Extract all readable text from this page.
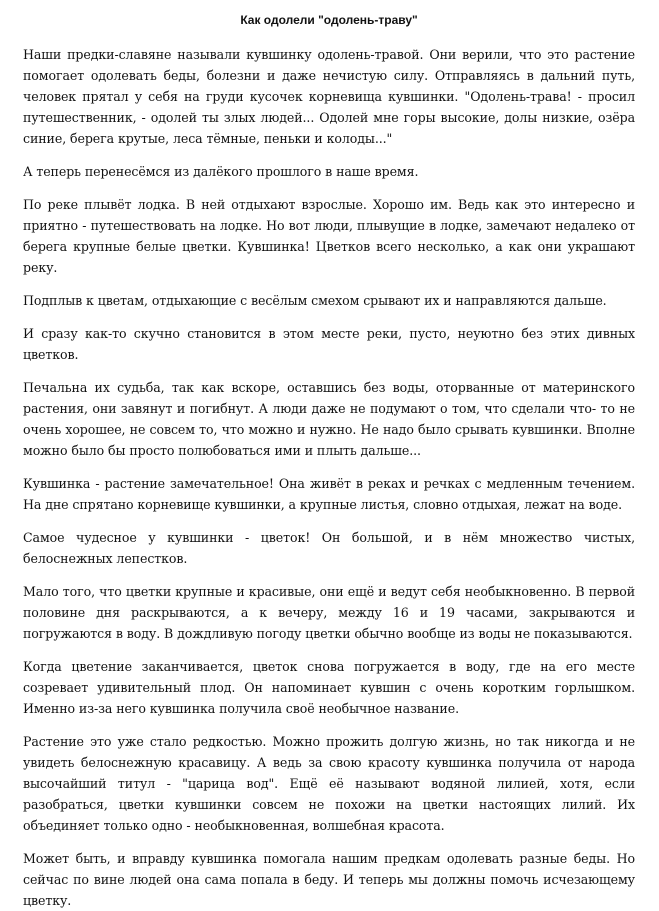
Как одолели "одолень-траву"

Наши предки-славяне называли кувшинку одолень-травой. Они верили, что это растение помогает одолевать беды, болезни и даже нечистую силу. Отправляясь в дальний путь, человек прятал у себя на груди кусочек корневища кувшинки. "Одолень-трава! - просил путешественник, - одолей ты злых людей... Одолей мне горы высокие, долы низкие, озёра синие, берега крутые, леса тёмные, пеньки и колоды..."

А теперь перенесёмся из далёкого прошлого в наше время.

По реке плывёт лодка. В ней отдыхают взрослые. Хорошо им. Ведь как это интересно и приятно - путешествовать на лодке. Но вот люди, плывущие в лодке, замечают недалеко от берега крупные белые цветки. Кувшинка! Цветков всего несколько, а как они украшают реку.

Подплыв к цветам, отдыхающие с весёлым смехом срывают их и направляются дальше.

И сразу как-то скучно становится в этом месте реки, пусто, неуютно без этих дивных цветков.

Печальна их судьба, так как вскоре, оставшись без воды, оторванные от материнского растения, они завянут и погибнут. А люди даже не подумают о том, что сделали что- то не очень хорошее, не совсем то, что можно и нужно. Не надо было срывать кувшинки. Вполне можно было бы просто полюбоваться ими и плыть дальше...

Кувшинка - растение замечательное! Она живёт в реках и речках с медленным течением. На дне спрятано корневище кувшинки, а крупные листья, словно отдыхая, лежат на воде.

Самое чудесное у кувшинки - цветок! Он большой, и в нём множество чистых, белоснежных лепестков.

Мало того, что цветки крупные и красивые, они ещё и ведут себя необыкновенно. В первой половине дня раскрываются, а к вечеру, между 16 и 19 часами, закрываются и погружаются в воду. В дождливую погоду цветки обычно вообще из воды не показываются.

Когда цветение заканчивается, цветок снова погружается в воду, где на его месте созревает удивительный плод. Он напоминает кувшин с очень коротким горлышком. Именно из-за него кувшинка получила своё необычное название.

Растение это уже стало редкостью. Можно прожить долгую жизнь, но так никогда и не увидеть белоснежную красавицу. А ведь за свою красоту кувшинка получила от народа высочайший титул - "царица вод". Ещё её называют водяной лилией, хотя, если разобраться, цветки кувшинки совсем не похожи на цветки настоящих лилий. Их объединяет только одно - необыкновенная, волшебная красота.

Может быть, и вправду кувшинка помогала нашим предкам одолевать разные беды. Но сейчас по вине людей она сама попала в беду. И теперь мы должны помочь исчезающему цветку.
